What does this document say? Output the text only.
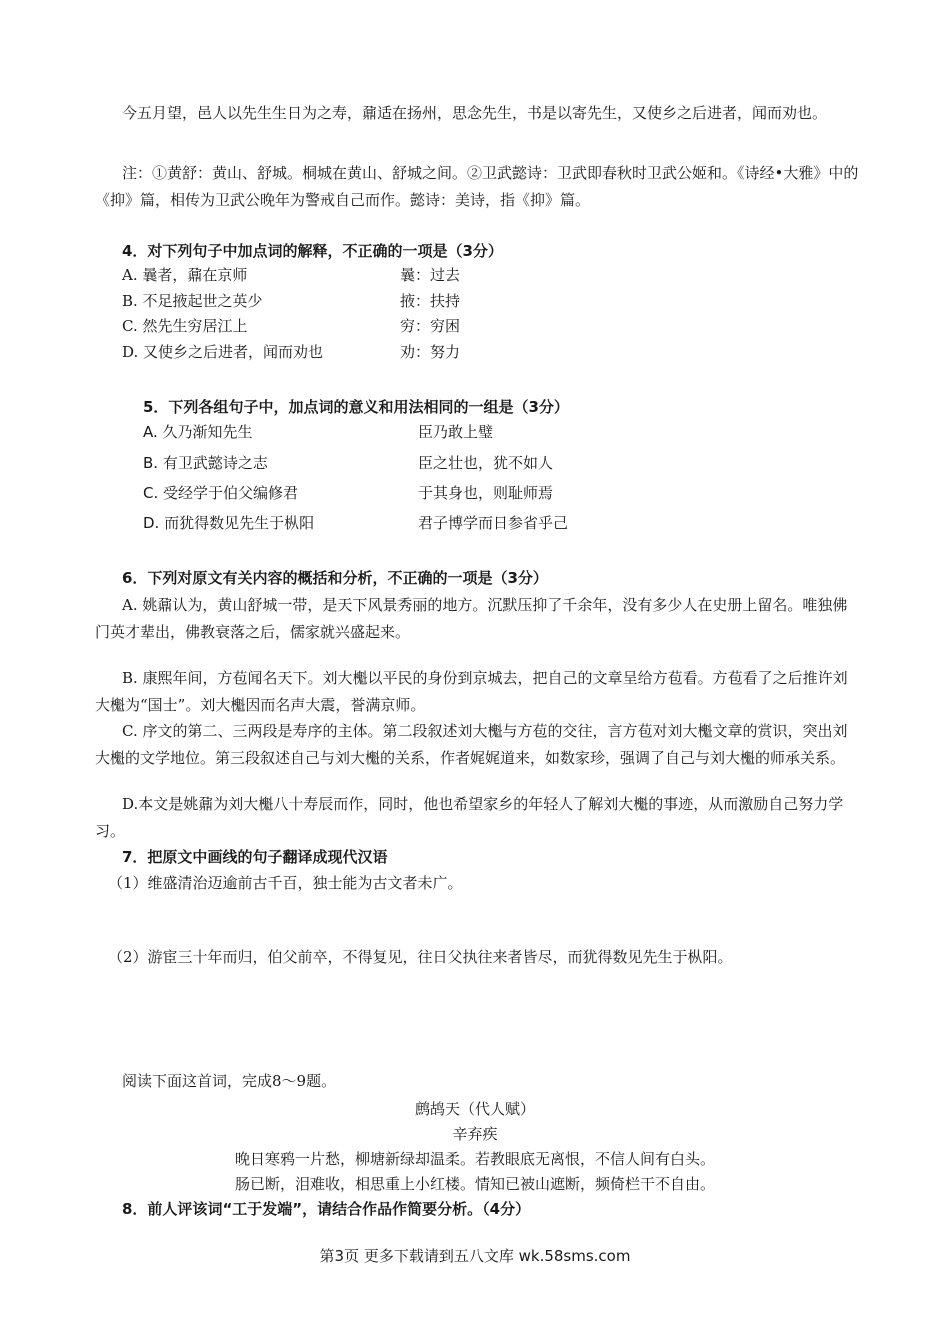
今五月望，邑人以先生生日为之寿，鼐适在扬州，思念先生，书是以寄先生，又使乡之后进者，闻而劝也。
注：①黄舒：黄山、舒城。桐城在黄山、舒城之间。②卫武懿诗：卫武即春秋时卫武公姬和。《诗经•大雅》中的《抑》篇，相传为卫武公晚年为警戒自己而作。懿诗：美诗，指《抑》篇。
4．对下列句子中加点词的解释，不正确的一项是（3分）
A. 曩者，鼐在京师	曩：过去
B. 不足掖起世之英少	掖：扶持
C. 然先生穷居江上	穷：穷困
D. 又使乡之后进者，闻而劝也	劝：努力
5．下列各组句子中，加点词的意义和用法相同的一组是（3分）
A. 久乃渐知先生	臣乃敢上璧
B. 有卫武懿诗之志	臣之壮也，犹不如人
C. 受经学于伯父编修君	于其身也，则耻师焉
D. 而犹得数见先生于枞阳	君子博学而日参省乎己
6．下列对原文有关内容的概括和分析，不正确的一项是（3分）
A. 姚鼐认为，黄山舒城一带，是天下风景秀丽的地方。沉默压抑了千余年，没有多少人在史册上留名。唯独佛门英才辈出，佛教衰落之后，儒家就兴盛起来。
B. 康熙年间，方苞闻名天下。刘大櫆以平民的身份到京城去，把自己的文章呈给方苞看。方苞看了之后推许刘大櫆为“国士”。刘大櫆因而名声大震，誉满京师。
C. 序文的第二、三两段是寿序的主体。第二段叙述刘大櫆与方苞的交往，言方苞对刘大櫆文章的赏识，突出刘大櫆的文学地位。第三段叙述自己与刘大櫆的关系，作者娓娓道来，如数家珍，强调了自己与刘大櫆的师承关系。
D.本文是姚鼐为刘大櫆八十寿辰而作，同时，他也希望家乡的年轻人了解刘大櫆的事迹，从而激励自己努力学习。
7．把原文中画线的句子翻译成现代汉语
（1）维盛清治迈逾前古千百，独士能为古文者未广。
（2）游宦三十年而归，伯父前卒，不得复见，往日父执往来者皆尽，而犹得数见先生于枞阳。
阅读下面这首词，完成8～9题。
鹧鸪天（代人赋）
辛弃疾
晚日寒鸦一片愁，柳塘新绿却温柔。若教眼底无离恨，不信人间有白头。
肠已断，泪难收，相思重上小红楼。情知已被山遮断，频倚栏干不自由。
8．前人评该词“工于发端”，请结合作品作简要分析。（4分）
第3页 更多下载请到五八文库 wk.58sms.com
